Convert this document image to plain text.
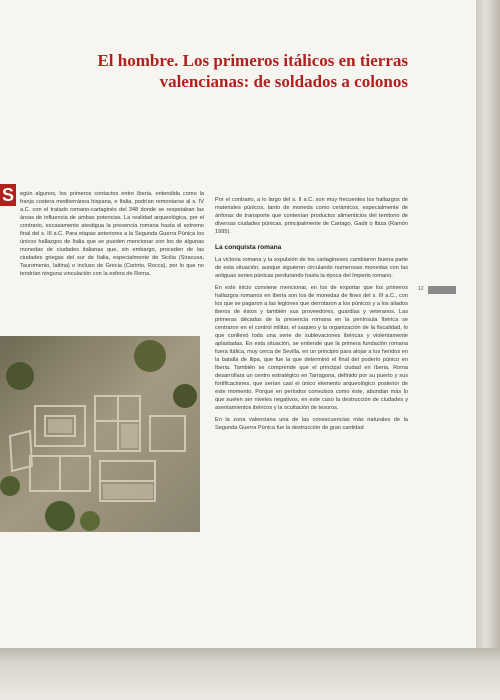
El hombre. Los primeros itálicos en tierras valencianas: de soldados a colonos
S	egún algunos, los primeros contactos entre Iberia, entendida como la franja costera mediterránea hispana, e Italia, podrían remontarse al s. IV a.C. con el tratado romano-cartaginés del 348 donde se respetaban las áreas de influencia de ambas potencias. La realidad arqueológica, por el contrario, escasamente atestigua la presencia romana hasta el extremo final del s. III a.C. Para etapas anteriores a la Segunda Guerra Púnica los únicos hallazgos de Italia que se pueden mencionar son los de algunas monedas de ciudades italianas que, sin embargo, proceden de las ciudades griegas del sur de Italia, especialmente de Sicilia (Siracusa, Tauromenio, Iaitina) o incluso de Grecia (Corinto, Rocca), por lo que no tendrían ninguna vinculación con la esfera de Roma.

Por el contrario, a lo largo del s. II a.C. son muy frecuentes los hallazgos de materiales púnicos, tanto de moneda como cerámicos, especialmente de ánforas de transporte que contenían productos alimenticios del territorio de diversas ciudades púnicas, principalmente de Cartago, Gadir o Ibiza (Ramón 1995).

La conquista romana

La victoria romana y la expulsión de los cartagineses cambiaron buena parte de esta situación, aunque siguieron circulando numerosas monedas con las antiguas series púnicas perdurando hasta la época del Imperio romano.

En este inicio conviene mencionar, en los de exportar que los primeros hallazgos romanos en Iberia son los de monedas de fines del s. III a.C., con los que se pagaron a las legiones que derrotaron a los púnicos y a los aliados iberos de éstos y también sus proveedores, guardias y veteranos. Las primeras décadas de la presencia romana en la península Ibérica se centraron en el control militar, el saqueo y la organización de la fiscalidad, lo que conllevó toda una serie de sublevaciones ibéricas y violentamente aplastadas. En esta situación, se entiende que la primera fundación romana fuera Itálica, muy cerca de Sevilla, en un principio para alojar a los heridos en la batalla de Ilipa, que fue la que determinó el final del poderío púnico en Iberia. También se comprende que el principal ciudad en Iberia, Roma desarrollara un centro estratégico en Tarragona, definido por su puerto y sus fortificaciones, que serían casi el único elemento arqueológico posterior de este momento. Porque en períodos convulsos como éste, abundan más lo que suelen ser niveles negativos, en este caso la destrucción de ciudades y asentamientos ibéricos y la ocultación de tesoros.

En la zona valenciana una de las consecuencias más naturales de la Segunda Guerra Púnica fue la destrucción de gran cantidad

12
